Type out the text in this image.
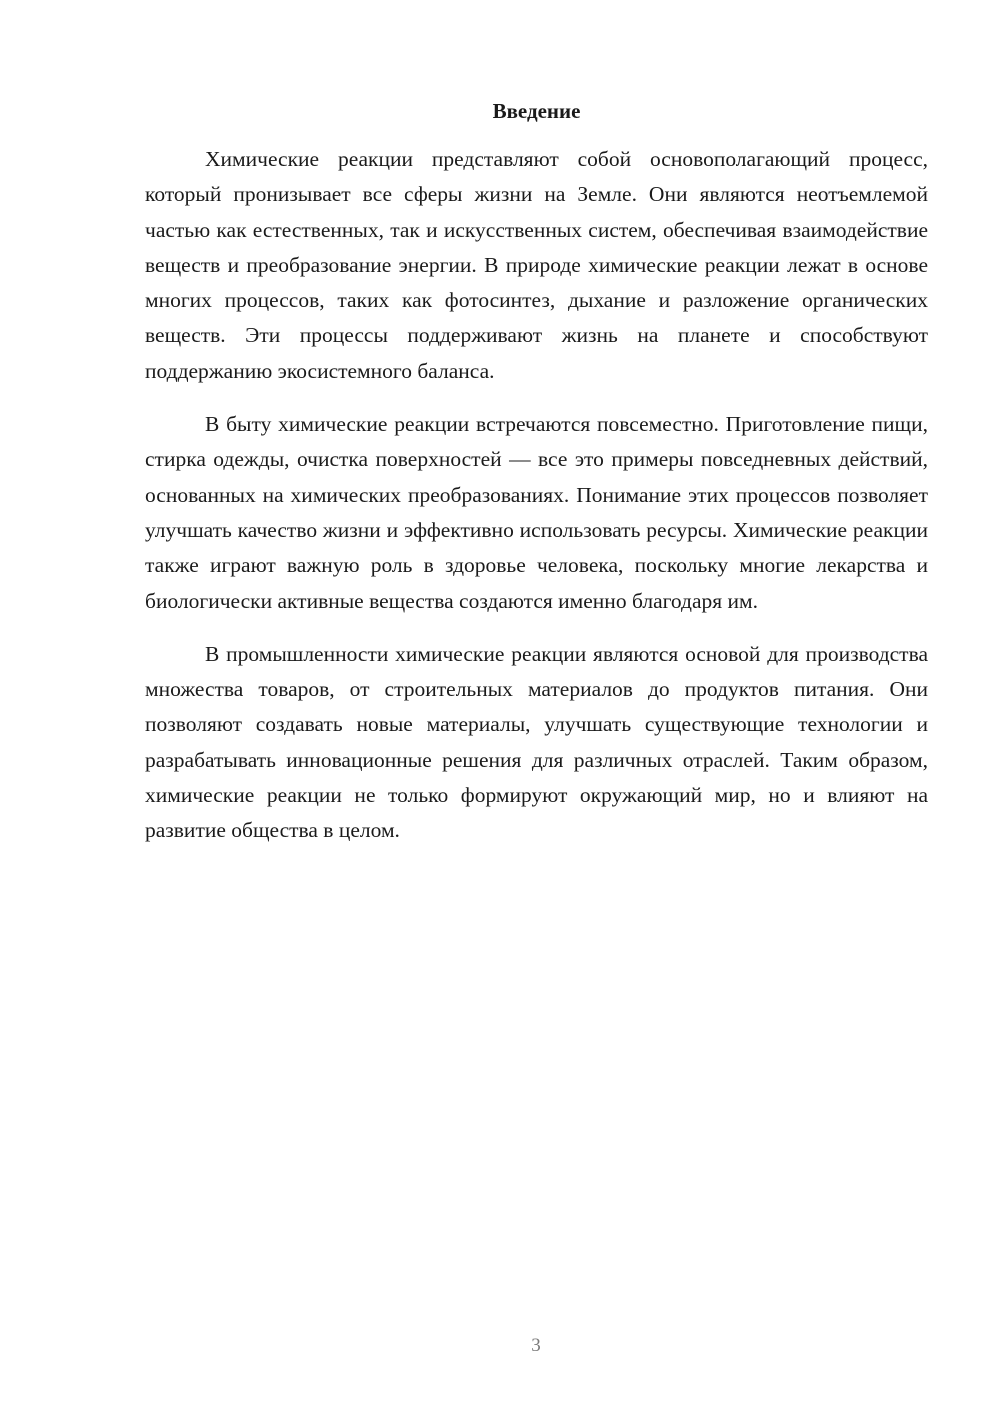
Введение

Химические реакции представляют собой основополагающий процесс, который пронизывает все сферы жизни на Земле. Они являются неотъемлемой частью как естественных, так и искусственных систем, обеспечивая взаимодействие веществ и преобразование энергии. В природе химические реакции лежат в основе многих процессов, таких как фотосинтез, дыхание и разложение органических веществ. Эти процессы поддерживают жизнь на планете и способствуют поддержанию экосистемного баланса.

В быту химические реакции встречаются повсеместно. Приготовление пищи, стирка одежды, очистка поверхностей — все это примеры повседневных действий, основанных на химических преобразованиях. Понимание этих процессов позволяет улучшать качество жизни и эффективно использовать ресурсы. Химические реакции также играют важную роль в здоровье человека, поскольку многие лекарства и биологически активные вещества создаются именно благодаря им.

В промышленности химические реакции являются основой для производства множества товаров, от строительных материалов до продуктов питания. Они позволяют создавать новые материалы, улучшать существующие технологии и разрабатывать инновационные решения для различных отраслей. Таким образом, химические реакции не только формируют окружающий мир, но и влияют на развитие общества в целом.

3
